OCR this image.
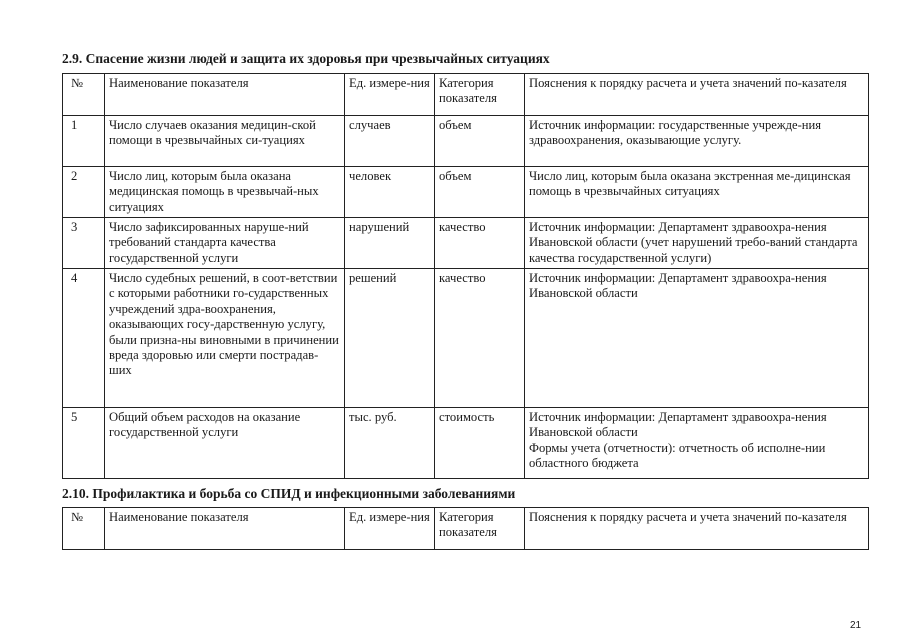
2.9. Спасение жизни людей и защита их здоровья при чрезвычайных ситуациях
№	Наименование показателя	Ед. измере-ния	Категория показателя	Пояснения к порядку расчета и учета значений по-казателя
1	Число случаев оказания медицин-ской помощи в чрезвычайных си-туациях	случаев	объем	Источник информации: государственные учрежде-ния здравоохранения, оказывающие услугу.
2	Число лиц, которым была оказана медицинская помощь в чрезвычай-ных ситуациях	человек	объем	Число лиц, которым была оказана экстренная ме-дицинская помощь в чрезвычайных ситуациях
3	Число зафиксированных наруше-ний требований стандарта качества государственной услуги	нарушений	качество	Источник информации: Департамент здравоохра-нения Ивановской области (учет нарушений требо-ваний стандарта качества государственной услуги)
4	Число судебных решений, в соот-ветствии с которыми работники го-сударственных учреждений здра-воохранения, оказывающих госу-дарственную услугу, были призна-ны виновными в причинении вреда здоровью или смерти пострадав-ших	решений	качество	Источник информации: Департамент здравоохра-нения Ивановской области
5	Общий объем расходов на оказание государственной услуги	тыс. руб.	стоимость	Источник информации: Департамент здравоохра-нения Ивановской области
Формы учета (отчетности): отчетность об исполне-нии областного бюджета
2.10. Профилактика и борьба со СПИД и инфекционными заболеваниями
№	Наименование показателя	Ед. измере-ния	Категория показателя	Пояснения к порядку расчета и учета значений по-казателя
21
